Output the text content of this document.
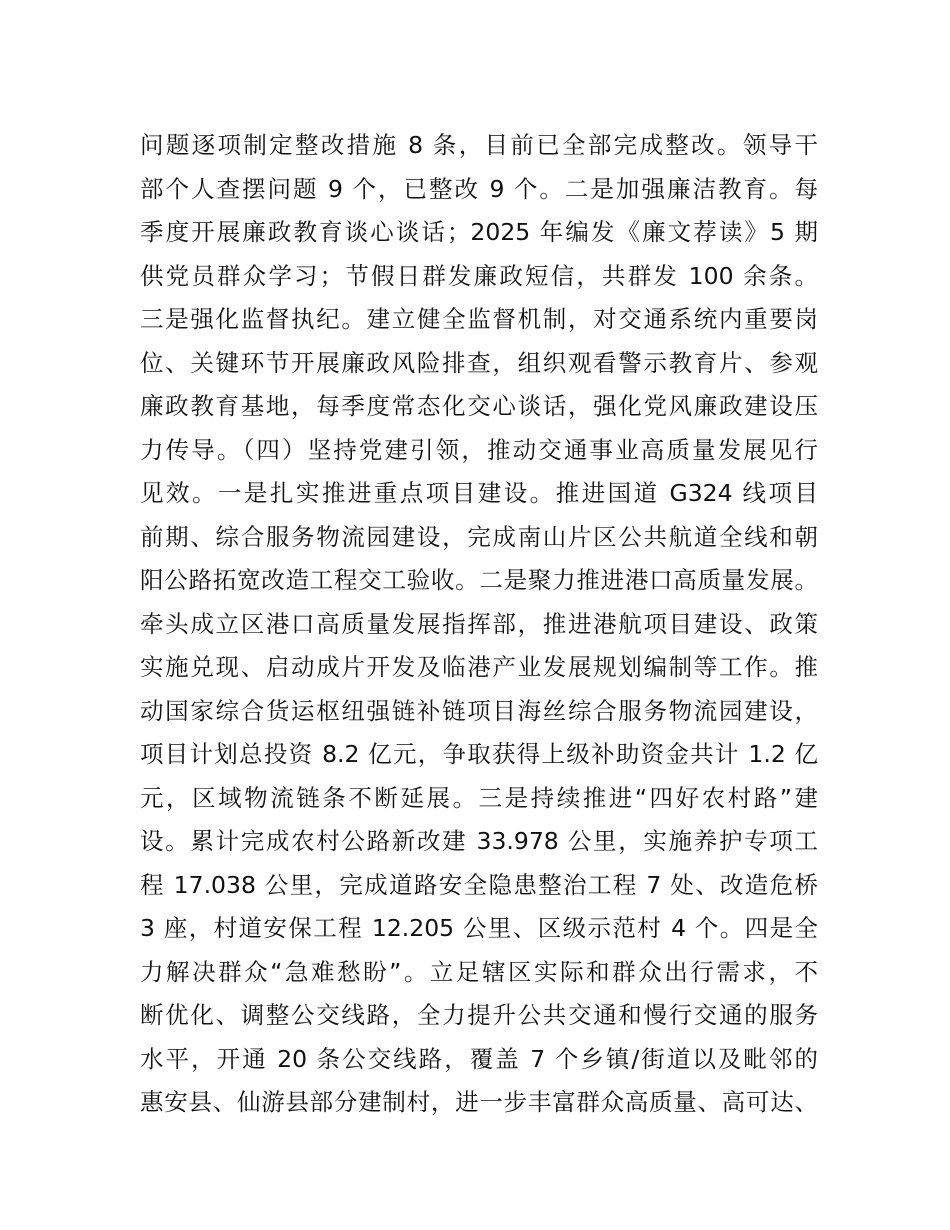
问题逐项制定整改措施 8 条，目前已全部完成整改。领导干
部个人查摆问题 9 个，已整改 9 个。二是加强廉洁教育。每
季度开展廉政教育谈心谈话；2025 年编发《廉文荐读》5 期
供党员群众学习；节假日群发廉政短信，共群发 100 余条。
三是强化监督执纪。建立健全监督机制，对交通系统内重要岗
位、关键环节开展廉政风险排查，组织观看警示教育片、参观
廉政教育基地，每季度常态化交心谈话，强化党风廉政建设压
力传导。（四）坚持党建引领，推动交通事业高质量发展见行
见效。一是扎实推进重点项目建设。推进国道 G324 线项目
前期、综合服务物流园建设，完成南山片区公共航道全线和朝
阳公路拓宽改造工程交工验收。二是聚力推进港口高质量发展。
牵头成立区港口高质量发展指挥部，推进港航项目建设、政策
实施兑现、启动成片开发及临港产业发展规划编制等工作。推
动国家综合货运枢纽强链补链项目海丝综合服务物流园建设，
项目计划总投资 8.2 亿元，争取获得上级补助资金共计 1.2 亿
元，区域物流链条不断延展。三是持续推进“四好农村路”建
设。累计完成农村公路新改建 33.978 公里，实施养护专项工
程 17.038 公里，完成道路安全隐患整治工程 7 处、改造危桥
3 座，村道安保工程 12.205 公里、区级示范村 4 个。四是全
力解决群众“急难愁盼”。立足辖区实际和群众出行需求，不
断优化、调整公交线路，全力提升公共交通和慢行交通的服务
水平，开通 20 条公交线路，覆盖 7 个乡镇/街道以及毗邻的
惠安县、仙游县部分建制村，进一步丰富群众高质量、高可达、
